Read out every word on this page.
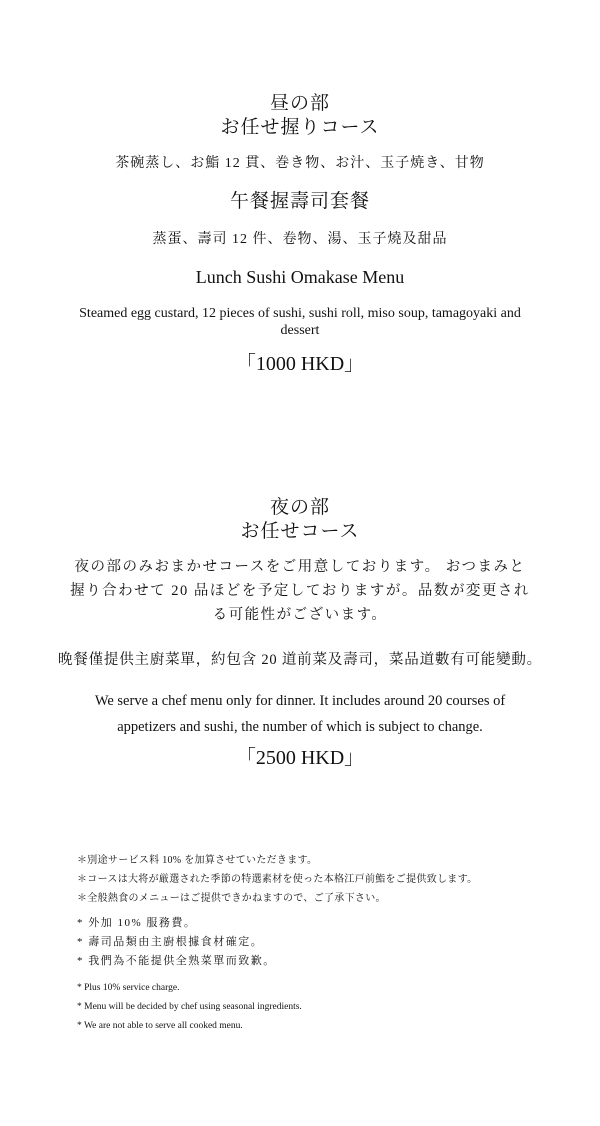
昼の部
お任せ握りコース
茶碗蒸し、お鮨 12 貫、巻き物、お汁、玉子焼き、甘物
午餐握壽司套餐
蒸蛋、壽司 12 件、卷物、湯、玉子燒及甜品
Lunch Sushi Omakase Menu
Steamed egg custard, 12 pieces of sushi, sushi roll, miso soup, tamagoyaki and dessert
「1000 HKD」
夜の部
お任せコース
夜の部のみおまかせコースをご用意しております。 おつまみと握り合わせて 20 品ほどを予定しておりますが。品数が変更される可能性がございます。
晚餐僅提供主廚菜單，約包含 20 道前菜及壽司，菜品道數有可能變動。
We serve a chef menu only for dinner. It includes around 20 courses of appetizers and sushi, the number of which is subject to change.
「2500 HKD」
＊別途サービス料 10% を加算させていただきます。
＊コースは大将が厳選された季節の特選素材を使った本格江戸前鮨をご提供致します。
＊全般熱食のメニューはご提供できかねますので、ご了承下さい。
* 外加 10% 服務費。
* 壽司品類由主廚根據食材確定。
* 我們為不能提供全熟菜單而致歉。
* Plus 10% service charge.
* Menu will be decided by chef using seasonal ingredients.
* We are not able to serve all cooked menu.
